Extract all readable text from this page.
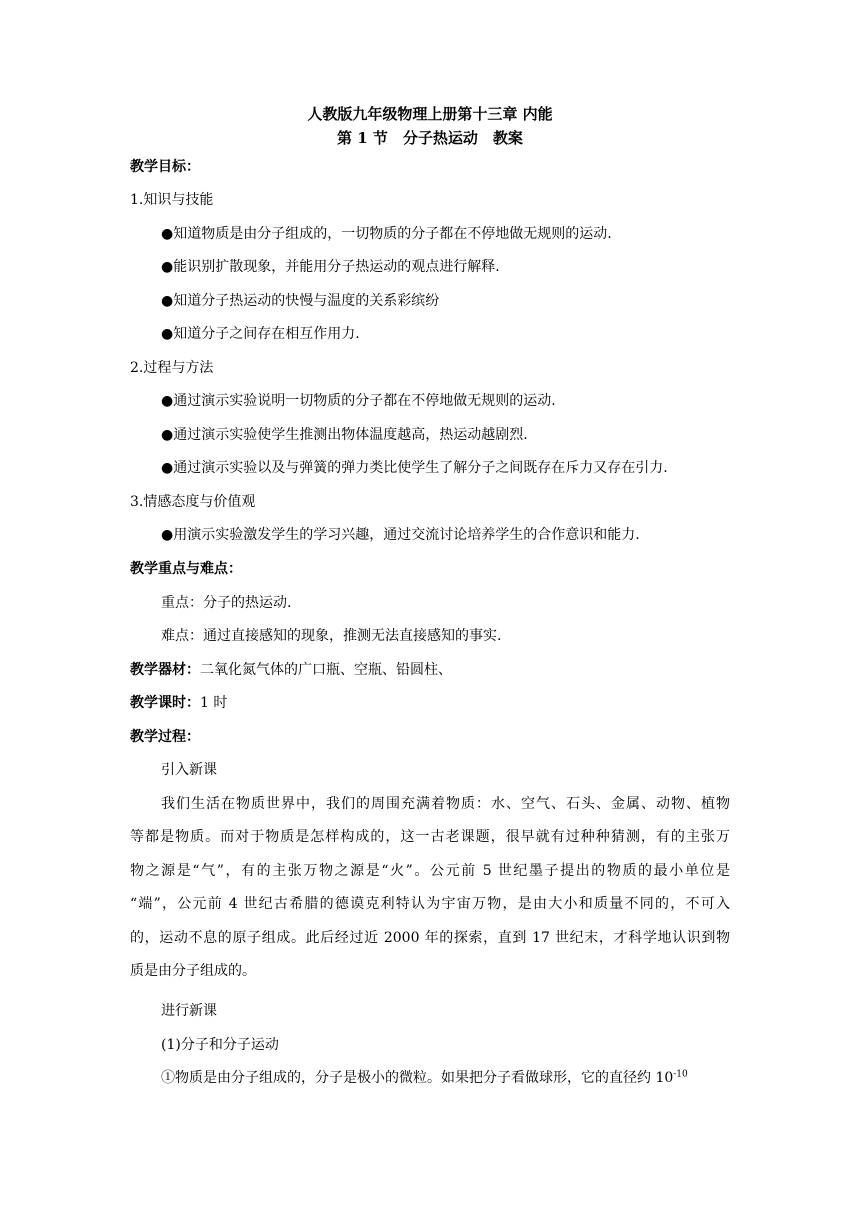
人教版九年级物理上册第十三章 内能
第 1 节　分子热运动　教案
教学目标：
1.知识与技能
●知道物质是由分子组成的，一切物质的分子都在不停地做无规则的运动.
●能识别扩散现象，并能用分子热运动的观点进行解释.
●知道分子热运动的快慢与温度的关系彩缤纷
●知道分子之间存在相互作用力.
2.过程与方法
●通过演示实验说明一切物质的分子都在不停地做无规则的运动.
●通过演示实验使学生推测出物体温度越高，热运动越剧烈.
●通过演示实验以及与弹簧的弹力类比使学生了解分子之间既存在斥力又存在引力.
3.情感态度与价值观
●用演示实验激发学生的学习兴趣，通过交流讨论培养学生的合作意识和能力.
教学重点与难点：
重点：分子的热运动.
难点：通过直接感知的现象，推测无法直接感知的事实.
教学器材：二氧化氮气体的广口瓶、空瓶、铅圆柱、
教学课时：1 时
教学过程：
引入新课
我们生活在物质世界中，我们的周围充满着物质：水、空气、石头、金属、动物、植物
等都是物质。而对于物质是怎样构成的，这一古老课题，很早就有过种种猜测，有的主张万
物之源是“气”，有的主张万物之源是“火”。公元前 5 世纪墨子提出的物质的最小单位是
“端”，公元前 4 世纪古希腊的德谟克利特认为宇宙万物，是由大小和质量不同的，不可入
的，运动不息的原子组成。此后经过近 2000 年的探索，直到 17 世纪末，才科学地认识到物
质是由分子组成的。
进行新课
(1)分子和分子运动
①物质是由分子组成的，分子是极小的微粒。如果把分子看做球形，它的直径约 $10^{-10}$
